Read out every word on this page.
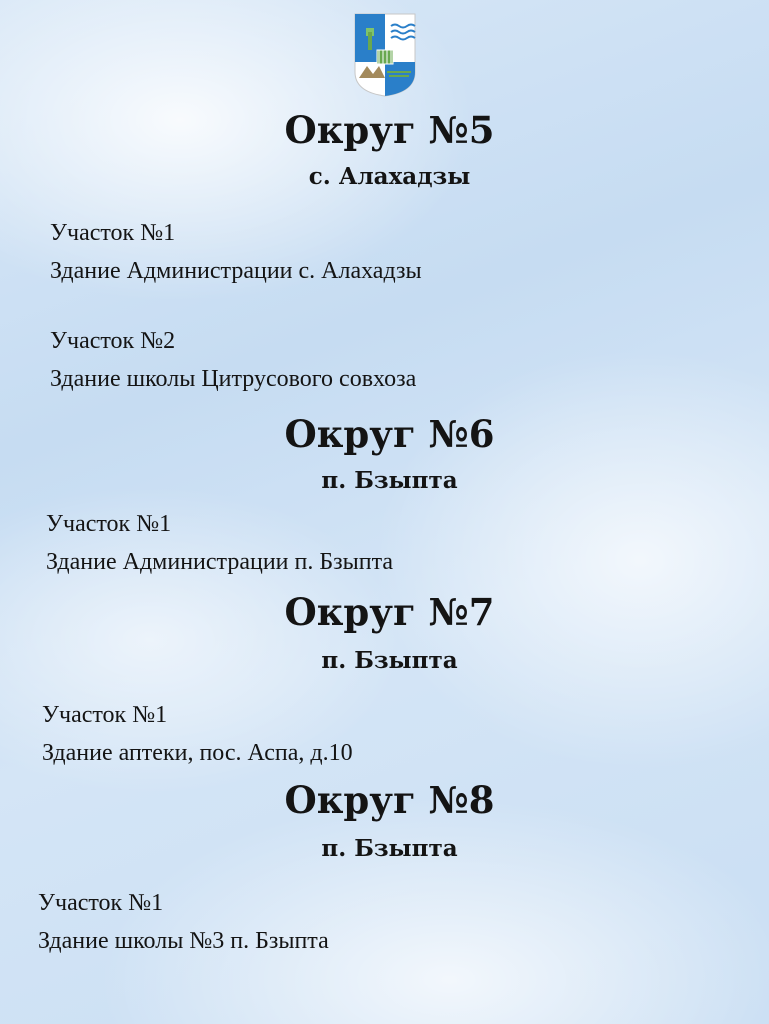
Округ №5
с. Алахадзы
Участок №1
Здание Администрации с. Алахадзы
Участок №2
Здание школы Цитрусового совхоза
Округ №6
п. Бзыпта
Участок №1
Здание Администрации п. Бзыпта
Округ №7
п. Бзыпта
Участок №1
Здание аптеки, пос. Аспа, д.10
Округ №8
п. Бзыпта
Участок №1
Здание школы №3 п. Бзыпта
